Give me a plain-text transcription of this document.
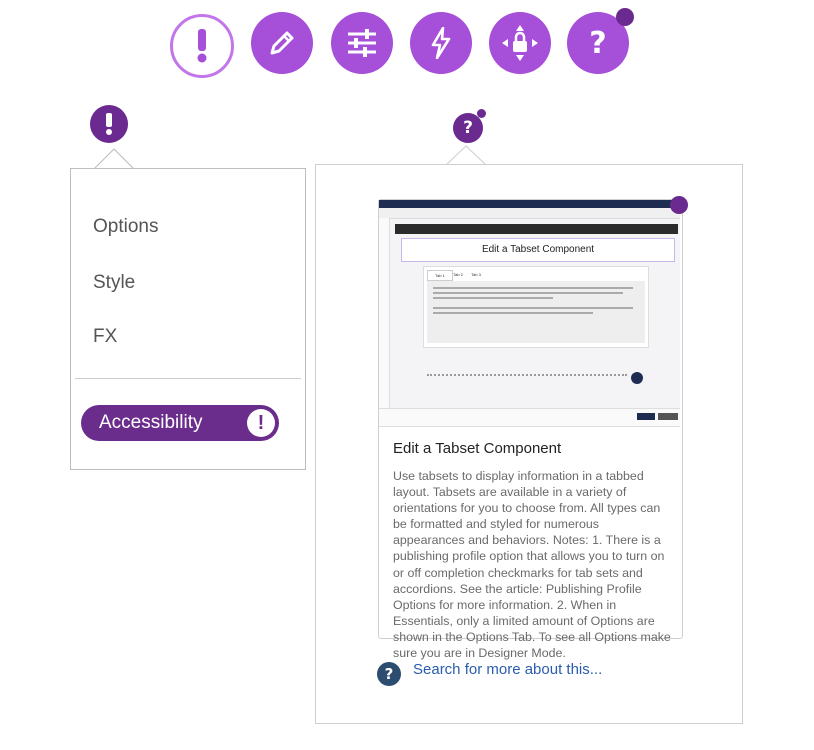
?
Options
Style
FX
Accessibility	!
?
Edit a Tabset Component
Tab 1	Tab 2	Tab 3
Edit a Tabset Component
Use tabsets to display information in a tabbed layout. Tabsets are available in a variety of orientations for you to choose from. All types can be formatted and styled for numerous appearances and behaviors. Notes: 1. There is a publishing profile option that allows you to turn on or off completion checkmarks for tab sets and accordions. See the article: Publishing Profile Options for more information. 2. When in Essentials, only a limited amount of Options are shown in the Options Tab. To see all Options make sure you are in Designer Mode.
? Search for more about this...
